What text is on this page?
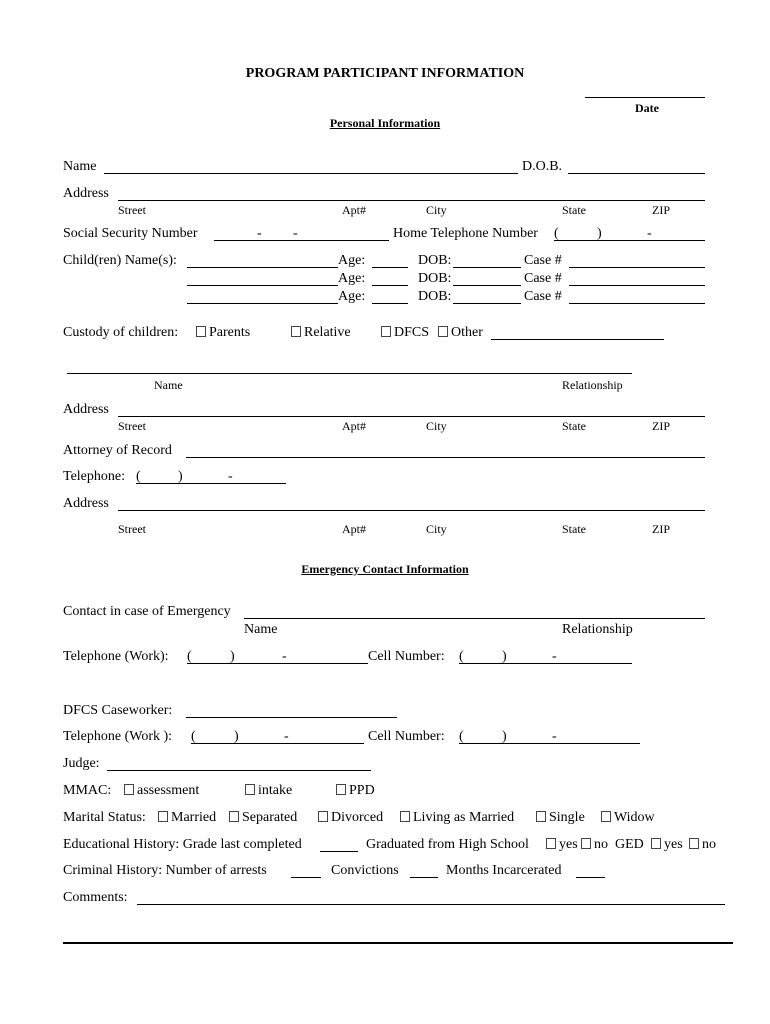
PROGRAM PARTICIPANT INFORMATION
Date
Personal Information
Name	D.O.B.
Address
Street	Apt#	City	State	ZIP
Social Security Number	- -	Home Telephone Number (	)	-
Child(ren) Name(s):	Age:	DOB:	Case #
Age:	DOB:	Case #
Age:	DOB:	Case #
Custody of children:	Parents	Relative	DFCS	Other
Name	Relationship
Address
Street	Apt#	City	State	ZIP
Attorney of Record
Telephone: (	)	-
Address
Street	Apt#	City	State	ZIP
Emergency Contact Information
Contact in case of Emergency
Name	Relationship
Telephone (Work): (	)	-	Cell Number: (	)	-
DFCS Caseworker:
Telephone (Work ): (	)	-	Cell Number: (	)	-
Judge:
MMAC:	assessment	intake	PPD
Marital Status:	Married	Separated	Divorced	Living as Married	Single	Widow
Educational History: Grade last completed	Graduated from High School	yes	no GED	yes	no
Criminal History: Number of arrests	Convictions	Months Incarcerated
Comments:
